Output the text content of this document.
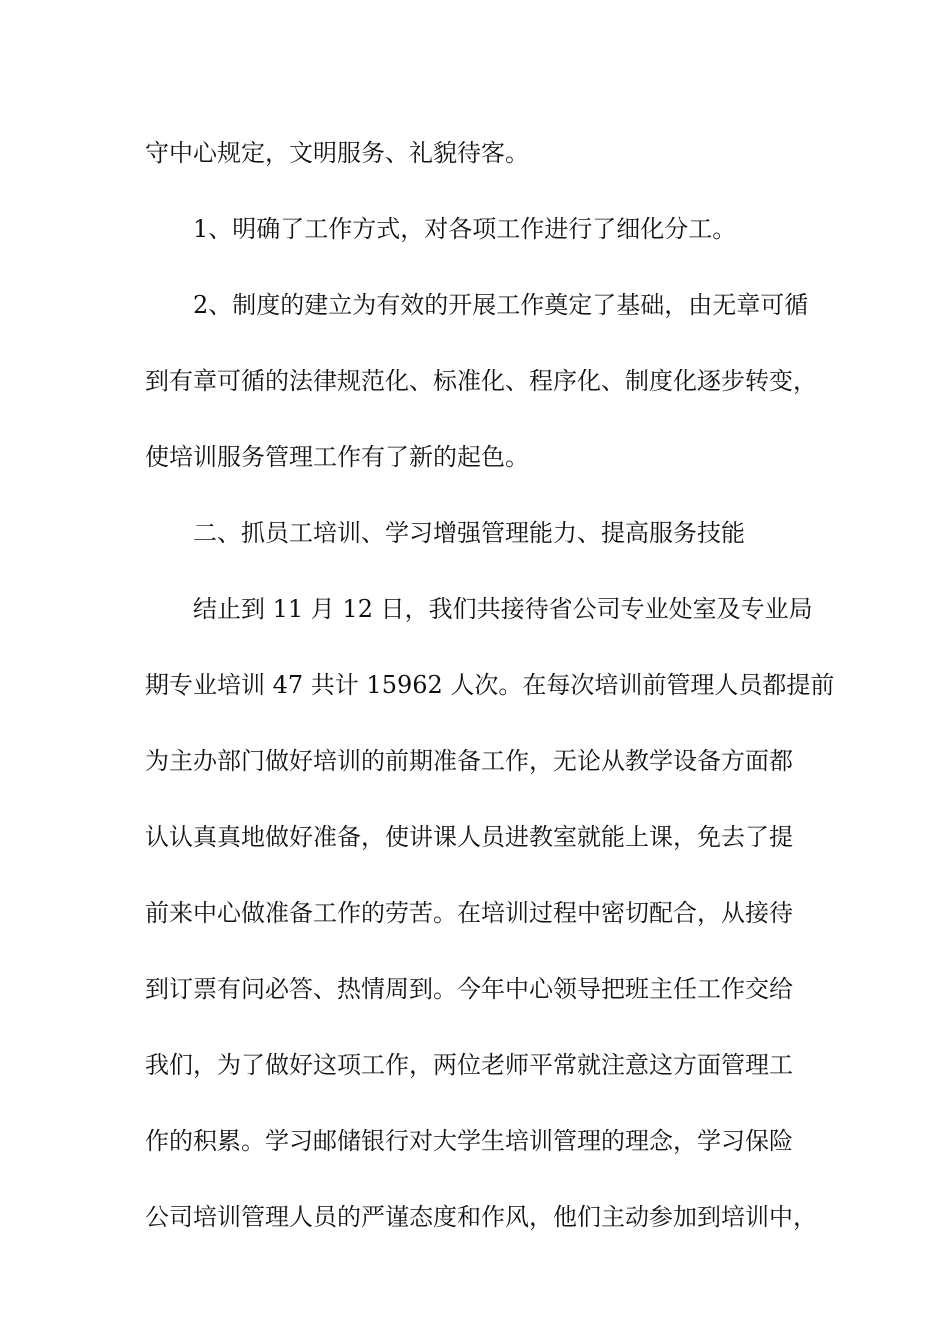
守中心规定，文明服务、礼貌待客。
1、明确了工作方式，对各项工作进行了细化分工。
2、制度的建立为有效的开展工作奠定了基础，由无章可循
到有章可循的法律规范化、标准化、程序化、制度化逐步转变，
使培训服务管理工作有了新的起色。
二、抓员工培训、学习增强管理能力、提高服务技能
结止到 11 月 12 日，我们共接待省公司专业处室及专业局
期专业培训 47 共计 15962 人次。在每次培训前管理人员都提前
为主办部门做好培训的前期准备工作，无论从教学设备方面都
认认真真地做好准备，使讲课人员进教室就能上课，免去了提
前来中心做准备工作的劳苦。在培训过程中密切配合，从接待
到订票有问必答、热情周到。今年中心领导把班主任工作交给
我们，为了做好这项工作，两位老师平常就注意这方面管理工
作的积累。学习邮储银行对大学生培训管理的理念，学习保险
公司培训管理人员的严谨态度和作风，他们主动参加到培训中，
